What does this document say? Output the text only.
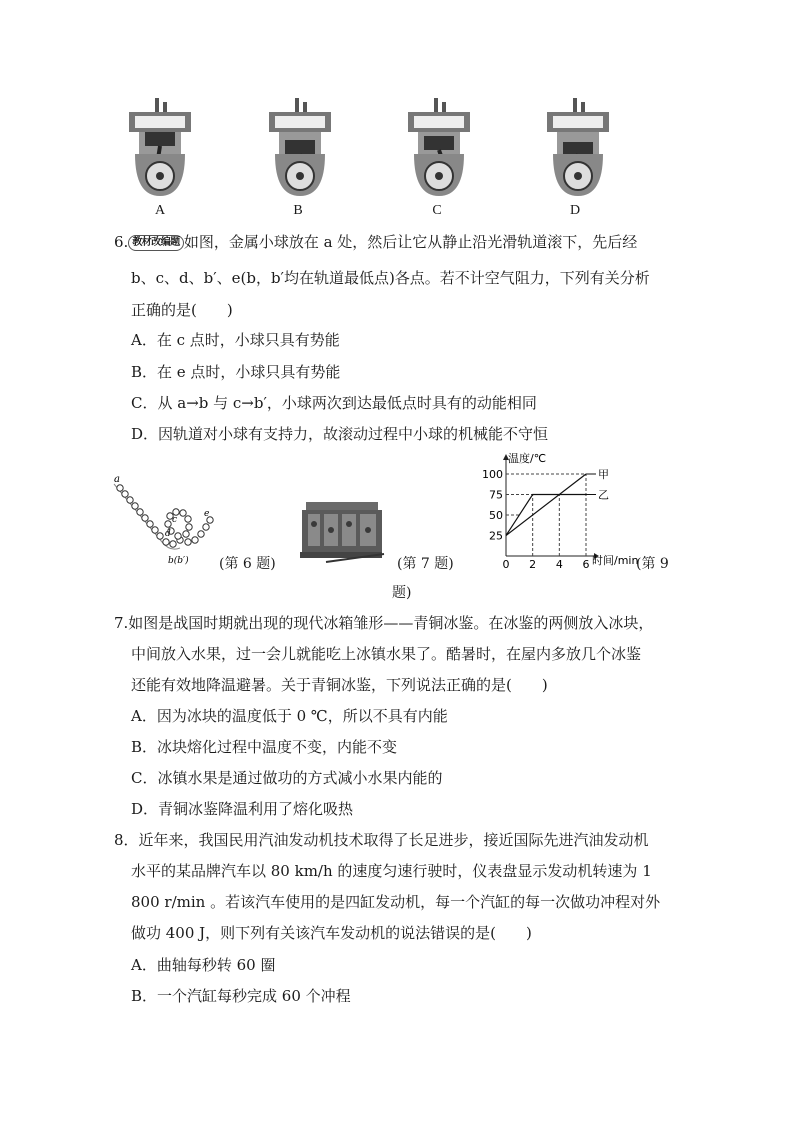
A	B	C	D
6. 教材改编题 如图，金属小球放在 a 处，然后让它从静止沿光滑轨道滚下，先后经
b、c、d、b′、e(b，b′均在轨道最低点)各点。若不计空气阻力，下列有关分析
正确的是(　　)
A．在 c 点时，小球只具有势能
B．在 e 点时，小球只具有势能
C．从 a→b 与 c→b′，小球两次到达最低点时具有的动能相同
D．因轨道对小球有支持力，故滚动过程中小球的机械能不守恒
a
c
d
e
b(b′) (第 6 题)	(第 7 题)
题)
甲
乙
100
75
50
25
0 2 4 6
温度/℃
时间/min
(第 9
7.如图是战国时期就出现的现代冰箱雏形——青铜冰鉴。在冰鉴的两侧放入冰块，
中间放入水果，过一会儿就能吃上冰镇水果了。酷暑时，在屋内多放几个冰鉴
还能有效地降温避暑。关于青铜冰鉴，下列说法正确的是(　　)
A．因为冰块的温度低于 0 ℃，所以不具有内能
B．冰块熔化过程中温度不变，内能不变
C．冰镇水果是通过做功的方式减小水果内能的
D．青铜冰鉴降温利用了熔化吸热
8．近年来，我国民用汽油发动机技术取得了长足进步，接近国际先进汽油发动机
水平的某品牌汽车以 80 km/h 的速度匀速行驶时，仪表盘显示发动机转速为 1
800 r/min 。若该汽车使用的是四缸发动机，每一个汽缸的每一次做功冲程对外
做功 400 J，则下列有关该汽车发动机的说法错误的是(　　)
A．曲轴每秒转 60 圈
B．一个汽缸每秒完成 60 个冲程
